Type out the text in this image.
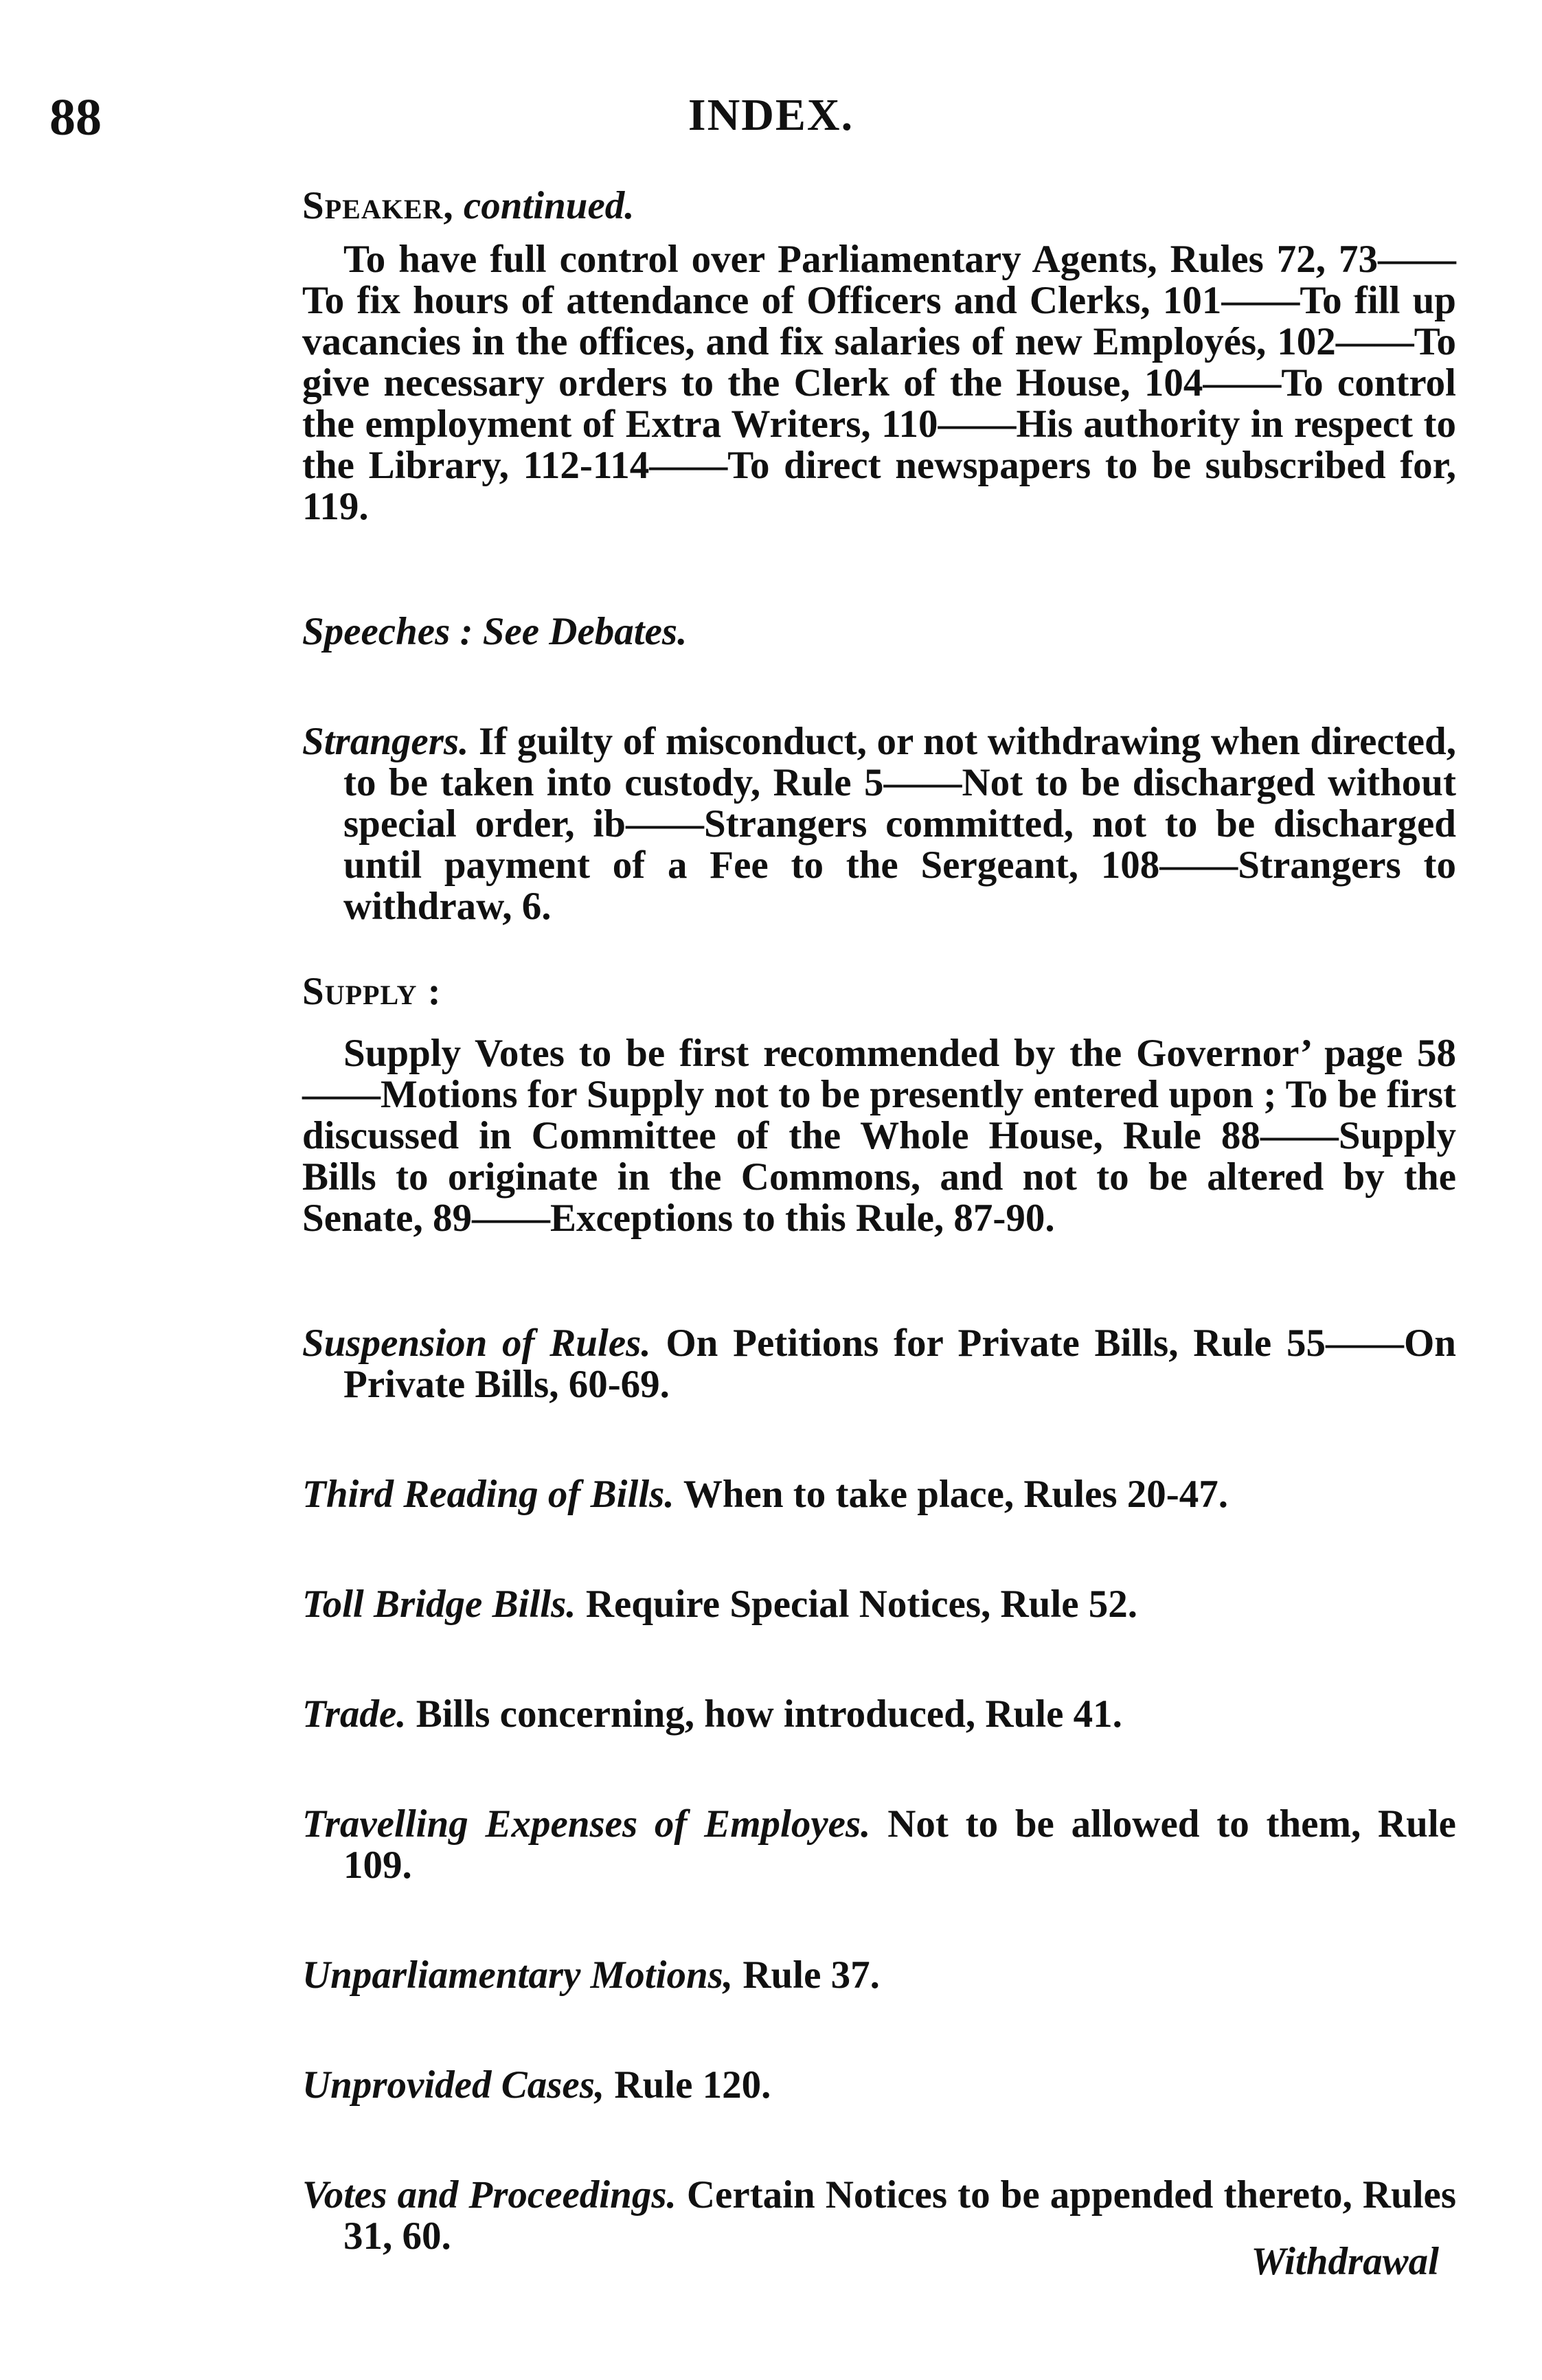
88	INDEX.
Speaker, continued.
To have full control over Parliamentary Agents, Rules 72, 73——To fix hours of attendance of Officers and Clerks, 101——To fill up vacancies in the offices, and fix salaries of new Employés, 102——To give necessary orders to the Clerk of the House, 104——To control the employment of Extra Writers, 110——His authority in respect to the Library, 112-114——To direct newspapers to be subscribed for, 119.
Speeches : See Debates.
Strangers. If guilty of misconduct, or not withdrawing when directed, to be taken into custody, Rule 5——Not to be discharged without special order, ib——Strangers committed, not to be discharged until payment of a Fee to the Sergeant, 108——Strangers to withdraw, 6.
Supply :
Supply Votes to be first recommended by the Governor’ page 58——Motions for Supply not to be presently entered upon ; To be first discussed in Committee of the Whole House, Rule 88——Supply Bills to originate in the Commons, and not to be altered by the Senate, 89——Exceptions to this Rule, 87-90.
Suspension of Rules. On Petitions for Private Bills, Rule 55——On Private Bills, 60-69.
Third Reading of Bills. When to take place, Rules 20-47.
Toll Bridge Bills. Require Special Notices, Rule 52.
Trade. Bills concerning, how introduced, Rule 41.
Travelling Expenses of Employes. Not to be allowed to them, Rule 109.
Unparliamentary Motions, Rule 37.
Unprovided Cases, Rule 120.
Votes and Proceedings. Certain Notices to be appended thereto, Rules 31, 60.
Withdrawal
